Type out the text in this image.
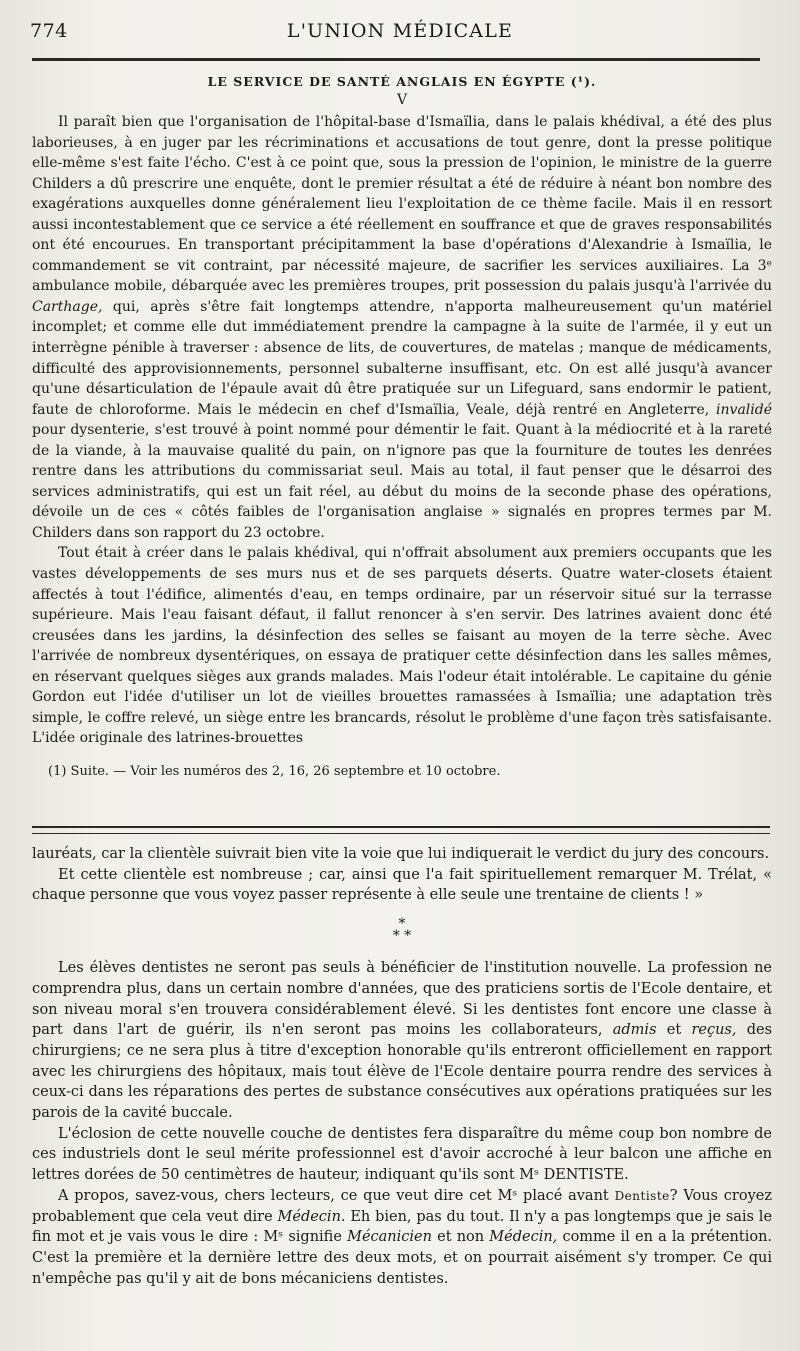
774	L'UNION MÉDICALE

LE SERVICE DE SANTÉ ANGLAIS EN ÉGYPTE (¹).

V

Il paraît bien que l'organisation de l'hôpital-base d'Ismaïlia, dans le palais khédival, a été des plus laborieuses, à en juger par les récriminations et accusations de tout genre, dont la presse politique elle-même s'est faite l'écho. C'est à ce point que, sous la pression de l'opinion, le ministre de la guerre Childers a dû prescrire une enquête, dont le premier résultat a été de réduire à néant bon nombre des exagérations auxquelles donne généralement lieu l'exploitation de ce thème facile. Mais il en ressort aussi incontestablement que ce service a été réellement en souffrance et que de graves responsabilités ont été encourues. En transportant précipitamment la base d'opérations d'Alexandrie à Ismaïlia, le commandement se vit contraint, par nécessité majeure, de sacrifier les services auxiliaires. La 3ᵉ ambulance mobile, débarquée avec les premières troupes, prit possession du palais jusqu'à l'arrivée du Carthage, qui, après s'être fait longtemps attendre, n'apporta malheureusement qu'un matériel incomplet; et comme elle dut immédiatement prendre la campagne à la suite de l'armée, il y eut un interrègne pénible à traverser : absence de lits, de couvertures, de matelas ; manque de médicaments, difficulté des approvisionnements, personnel subalterne insuffisant, etc. On est allé jusqu'à avancer qu'une désarticulation de l'épaule avait dû être pratiquée sur un Lifeguard, sans endormir le patient, faute de chloroforme. Mais le médecin en chef d'Ismaïlia, Veale, déjà rentré en Angleterre, invalidé pour dysenterie, s'est trouvé à point nommé pour démentir le fait. Quant à la médiocrité et à la rareté de la viande, à la mauvaise qualité du pain, on n'ignore pas que la fourniture de toutes les denrées rentre dans les attributions du commissariat seul. Mais au total, il faut penser que le désarroi des services administratifs, qui est un fait réel, au début du moins de la seconde phase des opérations, dévoile un de ces « côtés faibles de l'organisation anglaise » signalés en propres termes par M. Childers dans son rapport du 23 octobre.

Tout était à créer dans le palais khédival, qui n'offrait absolument aux premiers occupants que les vastes développements de ses murs nus et de ses parquets déserts. Quatre water-closets étaient affectés à tout l'édifice, alimentés d'eau, en temps ordinaire, par un réservoir situé sur la terrasse supérieure. Mais l'eau faisant défaut, il fallut renoncer à s'en servir. Des latrines avaient donc été creusées dans les jardins, la désinfection des selles se faisant au moyen de la terre sèche. Avec l'arrivée de nombreux dysentériques, on essaya de pratiquer cette désinfection dans les salles mêmes, en réservant quelques sièges aux grands malades. Mais l'odeur était intolérable. Le capitaine du génie Gordon eut l'idée d'utiliser un lot de vieilles brouettes ramassées à Ismaïlia; une adaptation très simple, le coffre relevé, un siège entre les brancards, résolut le problème d'une façon très satisfaisante. L'idée originale des latrines-brouettes

(1) Suite. — Voir les numéros des 2, 16, 26 septembre et 10 octobre.

lauréats, car la clientèle suivrait bien vite la voie que lui indiquerait le verdict du jury des concours.

Et cette clientèle est nombreuse ; car, ainsi que l'a fait spirituellement remarquer M. Trélat, « chaque personne que vous voyez passer représente à elle seule une trentaine de clients ! »

*
* *

Les élèves dentistes ne seront pas seuls à bénéficier de l'institution nouvelle. La profession ne comprendra plus, dans un certain nombre d'années, que des praticiens sortis de l'Ecole dentaire, et son niveau moral s'en trouvera considérablement élevé. Si les dentistes font encore une classe à part dans l'art de guérir, ils n'en seront pas moins les collaborateurs, admis et reçus, des chirurgiens; ce ne sera plus à titre d'exception honorable qu'ils entreront officiellement en rapport avec les chirurgiens des hôpitaux, mais tout élève de l'Ecole dentaire pourra rendre des services à ceux-ci dans les réparations des pertes de substance consécutives aux opérations pratiquées sur les parois de la cavité buccale.

L'éclosion de cette nouvelle couche de dentistes fera disparaître du même coup bon nombre de ces industriels dont le seul mérite professionnel est d'avoir accroché à leur balcon une affiche en lettres dorées de 50 centimètres de hauteur, indiquant qu'ils sont Mˢ DENTISTE.

A propos, savez-vous, chers lecteurs, ce que veut dire cet Mˢ placé avant Dentiste? Vous croyez probablement que cela veut dire Médecin. Eh bien, pas du tout. Il n'y a pas longtemps que je sais le fin mot et je vais vous le dire : Mˢ signifie Mécanicien et non Médecin, comme il en a la prétention. C'est la première et la dernière lettre des deux mots, et on pourrait aisément s'y tromper. Ce qui n'empêche pas qu'il y ait de bons mécaniciens dentistes.
